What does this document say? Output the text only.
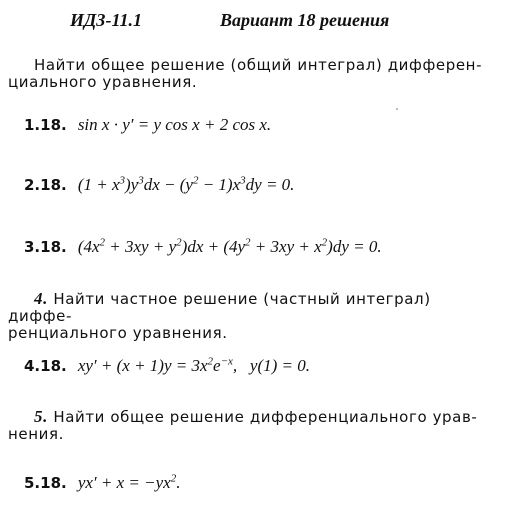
ИДЗ-11.1	Вариант 18 решения
Найти общее решение (общий интеграл) дифферен-
циального уравнения.
1.18. sin x · y′ = y cos x + 2 cos x.
2.18. $(1 + x^3)y^3dx - (y^2 - 1)x^3dy = 0$.
3.18. $(4x^2 + 3xy + y^2)dx + (4y^2 + 3xy + x^2)dy = 0$.
4. Найти частное решение (частный интеграл) диффе-
ренциального уравнения.
4.18. $xy' + (x + 1)y = 3x^2e^{-x}$,   y(1) = 0.
5. Найти общее решение дифференциального урав-
нения.
5.18. $yx' + x = -yx^2$.
